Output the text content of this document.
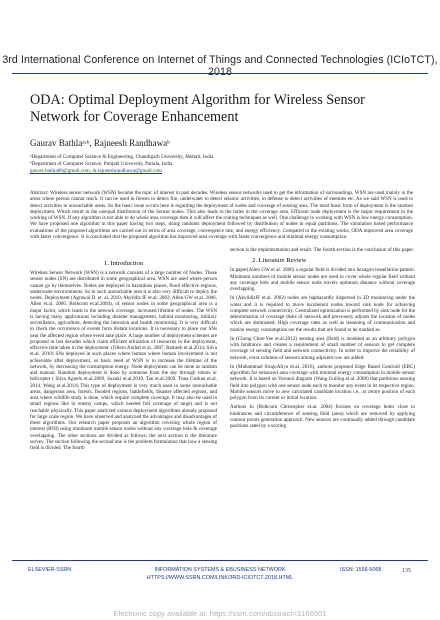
3rd International Conference on Internet of Things and Connected Technologies (ICIoTCT), 2018
ODA: Optimal Deployment Algorithm for Wireless Sensor Network for Coverage Enhancement
Gaurav Bathlaᵃʴᵇ, Rajneesh Randhawaᵇ
ᵃDepartment of Computer Science & Engineering, Chandigarh University, Mohali, India
ᵇDepartment of Computer Science, Punjabi University, Patiala, India
gaurav.bathla86@gmail.com, dr.rajneeshrandhawa@gmail.com
Abstract: Wireless sensor network (WSN) became the topic of interest in past decades. Wireless sensor networks used to get the information of surroundings. WSN are used mainly in the areas where person cannot reach. It can be used in forests to detect fire, underwater to detect seismic activities, in defense to detect activities of enemies etc. As we said WSN is used to detect activities in unreachable areas. So the basic issue occurs here is regarding the deployment of nodes and coverage of sensing area. The most basic form of deployment is the random deployment. Which result in the unequal distribution of the Sensor nodes. This also leads to the holes in the coverage area. Efficient node deployment is the major requirement in the working of WSN. If any algorithm is not able to do whole area coverage then it will affect the routing techniques as well. One challenge in working with WSN is low energy consumption. We have proposed one algorithm in this paper having two steps, doing randoms deployment followed by distribution of nodes in equal partitions. The simulation based performance evaluations of the proposed algorithms are carried out in terms of area coverage, convergence rate, and energy efficiency. Compared to the existing works, ODA improved area coverage with faster convergence. It is concluded that the proposed algorithm has improved area coverage with faster convergence and minimal energy consumption.
1. Introduction

Wireless Sensor Network (WSN) is a network consists of a large number of Nodes. These sensor nodes (SN) are distributed in some geographical area. WSN are used where person cannot go by themselves. Nodes are deployed in hazardous places, flood effective regions, underwater environments. So in such unreachable area it is also very difficult to deploy the nodes. Deployment (Agrawal D. et. al. 2010, Akyildiz IF et.al. 2002, Allen GW et.al. 2006, Allen et.al. 2006, Bolkcom et.al.2004), of sensor nodes in some geographical area is a major factor, which leads to the network coverage, increased lifetime of nodes. The WSN is having many applications including disaster management, habitat monitoring, military surveillance, agriculture, detecting the intrusion and health monitoring. It is very difficult to check the occurrence of events form distant locations. It is necessary to place our SNs near the affected region where event take place. A large number of deployment schemes are proposed in last decades which claim efficient utilization of resources in the deployment, effective time taken in the deployment. (Ollero Anibal et al. 2007, Ramesh et.al.2014, Silva et.al. 2010) SNs deployed in such places where human where human involvement is not achievable after deployment, so basic need of WSN is to increase the lifetime of the network, by decreasing the consumption energy. Node deployment can be done as random and manual. Random deployment is done by someone from the sky through robots or helicopter ( Silva Agnelo et.al.2009, Suzuki et.al.2010, Tan et.al.2009, Tuna Gurkan et.al. 2014, Wang et.al.2014) This type of deployment is very much used in some unreachable areas, dangerous area, forests, flooded regions, battlefields, disaster affected regions, and area where wildlife study is done, which require complete coverage. It may also be used in small regions like in enemy camps, which needed full coverage of target and is not reachable physically. This paper analyzed various deployment algorithms already proposed for large scale region. We have observed and analyzed the advantages and disadvantages of these algorithms. Our research paper proposes an algorithm covering whole region of interest (ROI) using minimum mobile sensor nodes without any coverage hole & coverage overlapping. The other sections are divided as follows; the next section is the literature survey. The section following the second one is the problem formulation that how a sensing field is divided. The fourth

section is the implementation and result. The fourth section is the conclusion of this paper.

2. Literature Review

In paper(Allen GW et al. 2006) a regular field is divided into hexagon tessellation pattern. Minimum numbers of mobile sensor nodes are used to cover whole regular field without any coverage hole and mobile sensor node travels optimum distance without coverage overlapping.

In (AkyildizIF et.al. 2002) nodes are haphazardly dispersed in 3D monitoring under the water and it is required to move incoherent nodes toward sink node for achieving complete network connectivity. Centralized optimization is performed by sink node for the determination of coverage disks of network and previously adjusts the location of nodes which are dominated. High coverage rates as well as lessening of communication and motion energy consumption are the results that are found to be marked as.

In (Chong Chee-Yee et.al.2012) sensing area (field) is modeled as an arbitrary polygon with hindrance and creates a requirement of small number of sensors to get complete coverage of sensing field and network connectivity. In order to improve the reliability of network, extra columns of sensors among adjacent row are added.

In (Muhammad SirajoAliyu et.al. 2016), authors proposed Edge Based Centroid (EBC) algorithm for enhanced area coverage with minimal energy consumption in mobile sensor network. It is based on Voronoi diagram (Wang Guiling et.al. 2008) that partitions sensing field into polygon with one sensor node each to monitor any event in its respective region. Mobile sensors move to new calculated candidate location i.e., at centre position of each polygon from its current or initial location.

Authors In (Bolkcom Christopher et.al. 2004) focuses on coverage holes close to hindrances and circumference of sensing field (area) which are removed by applying contour points generation approach. New sensors are continually added through candidate positions rated by a scoring

ELSEVIER-SSRN	INFORMATION SYSTEMS & EBUSINESS NETWORK
HTTPS://WWW.SSRN.COM/LINK/3RD-ICIOTCT-2018.HTML
ISSN: 1556-5068	135
Electronic copy available at: https://ssrn.com/abstract=3166501
